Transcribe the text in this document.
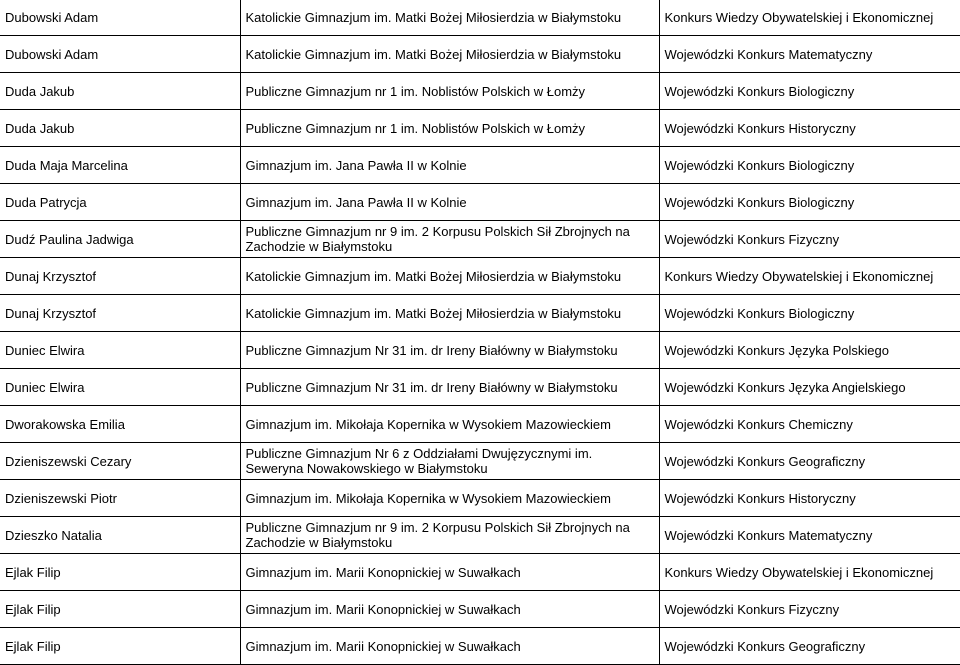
Dubowski Adam	Katolickie Gimnazjum im. Matki Bożej Miłosierdzia w Białymstoku	Konkurs Wiedzy Obywatelskiej i Ekonomicznej
Dubowski Adam	Katolickie Gimnazjum im. Matki Bożej Miłosierdzia w Białymstoku	Wojewódzki Konkurs Matematyczny
Duda Jakub	Publiczne Gimnazjum nr 1 im. Noblistów Polskich w Łomży	Wojewódzki Konkurs Biologiczny
Duda Jakub	Publiczne Gimnazjum nr 1 im. Noblistów Polskich w Łomży	Wojewódzki Konkurs Historyczny
Duda Maja Marcelina	Gimnazjum im. Jana Pawła II w Kolnie	Wojewódzki Konkurs Biologiczny
Duda Patrycja	Gimnazjum im. Jana Pawła II w Kolnie	Wojewódzki Konkurs Biologiczny
Dudź Paulina Jadwiga	Publiczne Gimnazjum nr 9 im. 2 Korpusu Polskich Sił Zbrojnych na Zachodzie w Białymstoku	Wojewódzki Konkurs Fizyczny
Dunaj Krzysztof	Katolickie Gimnazjum im. Matki Bożej Miłosierdzia w Białymstoku	Konkurs Wiedzy Obywatelskiej i Ekonomicznej
Dunaj Krzysztof	Katolickie Gimnazjum im. Matki Bożej Miłosierdzia w Białymstoku	Wojewódzki Konkurs Biologiczny
Duniec Elwira	Publiczne Gimnazjum Nr 31 im. dr Ireny Białówny w Białymstoku	Wojewódzki Konkurs Języka Polskiego
Duniec Elwira	Publiczne Gimnazjum Nr 31 im. dr Ireny Białówny w Białymstoku	Wojewódzki Konkurs Języka Angielskiego
Dworakowska Emilia	Gimnazjum im. Mikołaja Kopernika w Wysokiem Mazowieckiem	Wojewódzki Konkurs Chemiczny
Dzieniszewski Cezary	Publiczne Gimnazjum Nr 6 z Oddziałami Dwujęzycznymi im. Seweryna Nowakowskiego w Białymstoku	Wojewódzki Konkurs Geograficzny
Dzieniszewski Piotr	Gimnazjum im. Mikołaja Kopernika w Wysokiem Mazowieckiem	Wojewódzki Konkurs Historyczny
Dzieszko Natalia	Publiczne Gimnazjum nr 9 im. 2 Korpusu Polskich Sił Zbrojnych na Zachodzie w Białymstoku	Wojewódzki Konkurs Matematyczny
Ejlak Filip	Gimnazjum im. Marii Konopnickiej w Suwałkach	Konkurs Wiedzy Obywatelskiej i Ekonomicznej
Ejlak Filip	Gimnazjum im. Marii Konopnickiej w Suwałkach	Wojewódzki Konkurs Fizyczny
Ejlak Filip	Gimnazjum im. Marii Konopnickiej w Suwałkach	Wojewódzki Konkurs Geograficzny
